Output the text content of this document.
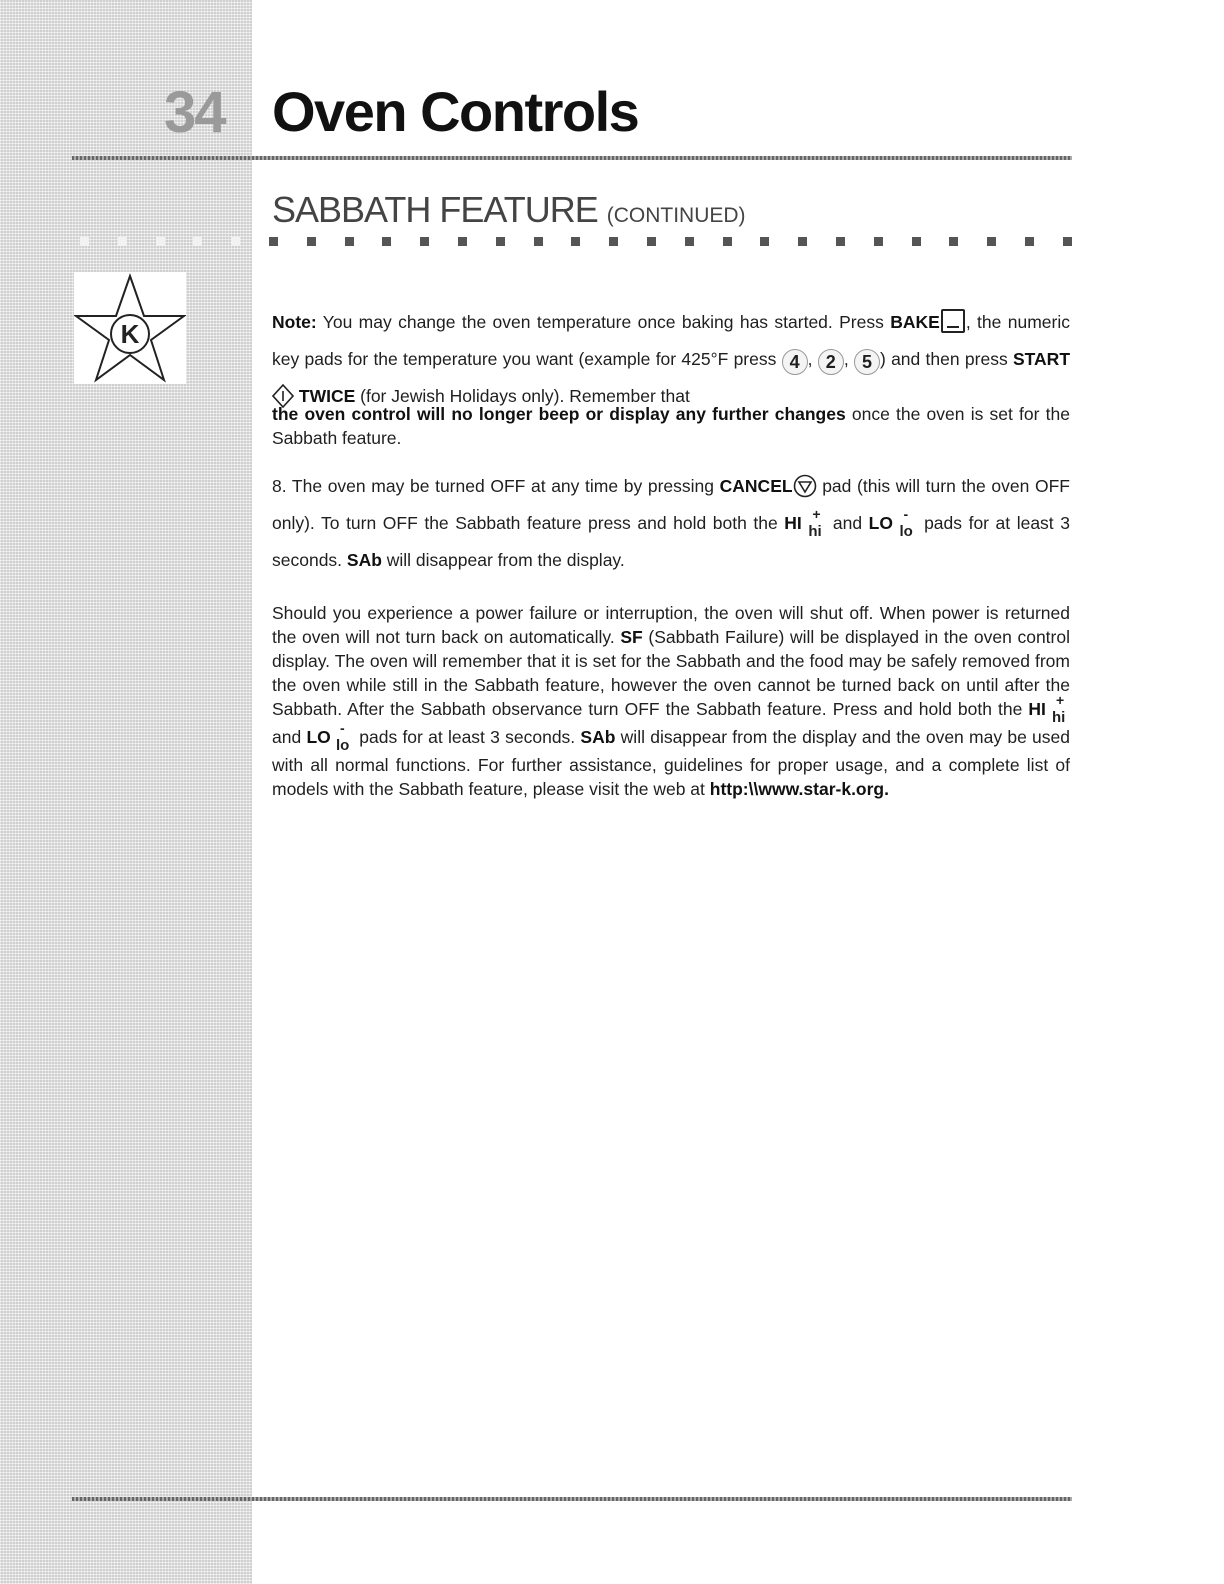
34 Oven Controls
SABBATH FEATURE (CONTINUED)
K	Note: You may change the oven temperature once baking has started. Press BAKE , the numeric key pads for the temperature you want (example for 425°F press 4 , 2 , 5 ) and then press START  TWICE (for Jewish Holidays only). Remember that

the oven control will no longer beep or display any further changes once the oven is set for the Sabbath feature.

8. The oven may be turned OFF at any time by pressing CANCEL pad (this will turn the oven OFF only). To turn OFF the Sabbath feature press and hold both the HI +
hi and LO -
lo pads for at least 3 seconds. SAb will disappear from the display.

Should you experience a power failure or interruption, the oven will shut off. When power is returned the oven will not turn back on automatically. SF (Sabbath Failure) will be displayed in the oven control display. The oven will remember that it is set for the Sabbath and the food may be safely removed from the oven while still in the Sabbath feature, however the oven cannot be turned back on until after the Sabbath. After the Sabbath observance turn OFF the Sabbath feature. Press and hold both the HI +
hi
and LO -
lo pads for at least 3 seconds. SAb will disappear from the display and the oven may be used with all normal functions. For further assistance, guidelines for proper usage, and a complete list of models with the Sabbath feature, please visit the web at http:\\www.star-k.org.
